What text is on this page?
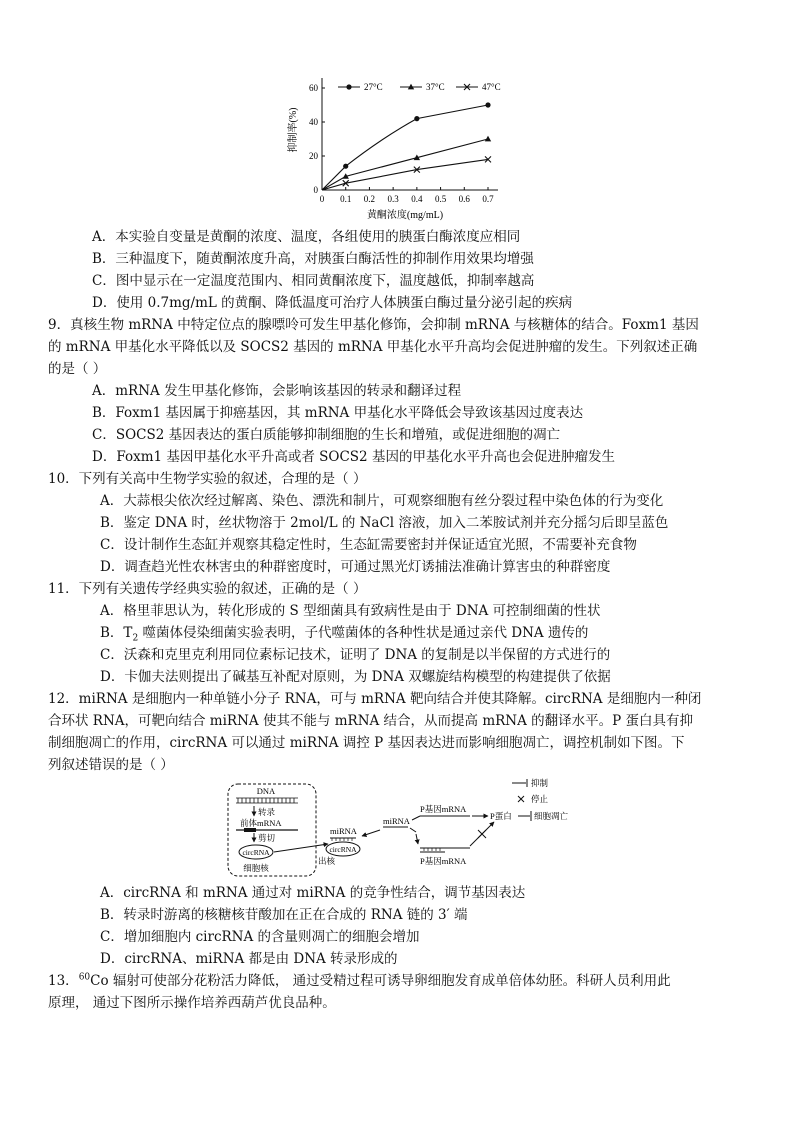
0 0.1 0.2 0.3 0.4 0.5 0.6 0.7
0
20
40
60	27°C	37°C	47°C
抑制率(%)
黄酮浓度(mg/mL)
A．本实验自变量是黄酮的浓度、温度，各组使用的胰蛋白酶浓度应相同
B．三种温度下，随黄酮浓度升高，对胰蛋白酶活性的抑制作用效果均增强
C．图中显示在一定温度范围内、相同黄酮浓度下，温度越低，抑制率越高
D．使用 0.7mg/mL 的黄酮、降低温度可治疗人体胰蛋白酶过量分泌引起的疾病
9．真核生物 mRNA 中特定位点的腺嘌呤可发生甲基化修饰，会抑制 mRNA 与核糖体的结合。Foxm1 基因
的 mRNA 甲基化水平降低以及 SOCS2 基因的 mRNA 甲基化水平升高均会促进肿瘤的发生。下列叙述正确
的是（ ）
A．mRNA 发生甲基化修饰，会影响该基因的转录和翻译过程
B．Foxm1 基因属于抑癌基因，其 mRNA 甲基化水平降低会导致该基因过度表达
C．SOCS2 基因表达的蛋白质能够抑制细胞的生长和增殖，或促进细胞的凋亡
D．Foxm1 基因甲基化水平升高或者 SOCS2 基因的甲基化水平升高也会促进肿瘤发生
10．下列有关高中生物学实验的叙述，合理的是（ ）
A．大蒜根尖依次经过解离、染色、漂洗和制片，可观察细胞有丝分裂过程中染色体的行为变化
B．鉴定 DNA 时，丝状物溶于 2mol/L 的 NaCl 溶液，加入二苯胺试剂并充分摇匀后即呈蓝色
C．设计制作生态缸并观察其稳定性时，生态缸需要密封并保证适宜光照，不需要补充食物
D．调查趋光性农林害虫的种群密度时，可通过黑光灯诱捕法准确计算害虫的种群密度
11．下列有关遗传学经典实验的叙述，正确的是（ ）
A．格里菲思认为，转化形成的 S 型细菌具有致病性是由于 DNA 可控制细菌的性状
B．$T_2$ 噬菌体侵染细菌实验表明，子代噬菌体的各种性状是通过亲代 DNA 遗传的
C．沃森和克里克利用同位素标记技术，证明了 DNA 的复制是以半保留的方式进行的
D．卡伽夫法则提出了碱基互补配对原则，为 DNA 双螺旋结构模型的构建提供了依据
12．miRNA 是细胞内一种单链小分子 RNA，可与 mRNA 靶向结合并使其降解。circRNA 是细胞内一种闭
合环状 RNA，可靶向结合 miRNA 使其不能与 mRNA 结合，从而提高 mRNA 的翻译水平。P 蛋白具有抑
制细胞凋亡的作用，circRNA 可以通过 miRNA 调控 P 基因表达进而影响细胞凋亡，调控机制如下图。下
列叙述错误的是（ ）
DNA
转录
前体mRNA
剪切
circRNA
细胞核
出核
miRNA
circRNA
miRNA
P基因mRNA
P蛋白	细胞凋亡
P基因mRNA
抑制
停止
A．circRNA 和 mRNA 通过对 miRNA 的竞争性结合，调节基因表达
B．转录时游离的核糖核苷酸加在正在合成的 RNA 链的 3′ 端
C．增加细胞内 circRNA 的含量则凋亡的细胞会增加
D．circRNA、miRNA 都是由 DNA 转录形成的
13．$^{60}$Co 辐射可使部分花粉活力降低， 通过受精过程可诱导卵细胞发育成单倍体幼胚。科研人员利用此
原理， 通过下图所示操作培养西葫芦优良品种。
